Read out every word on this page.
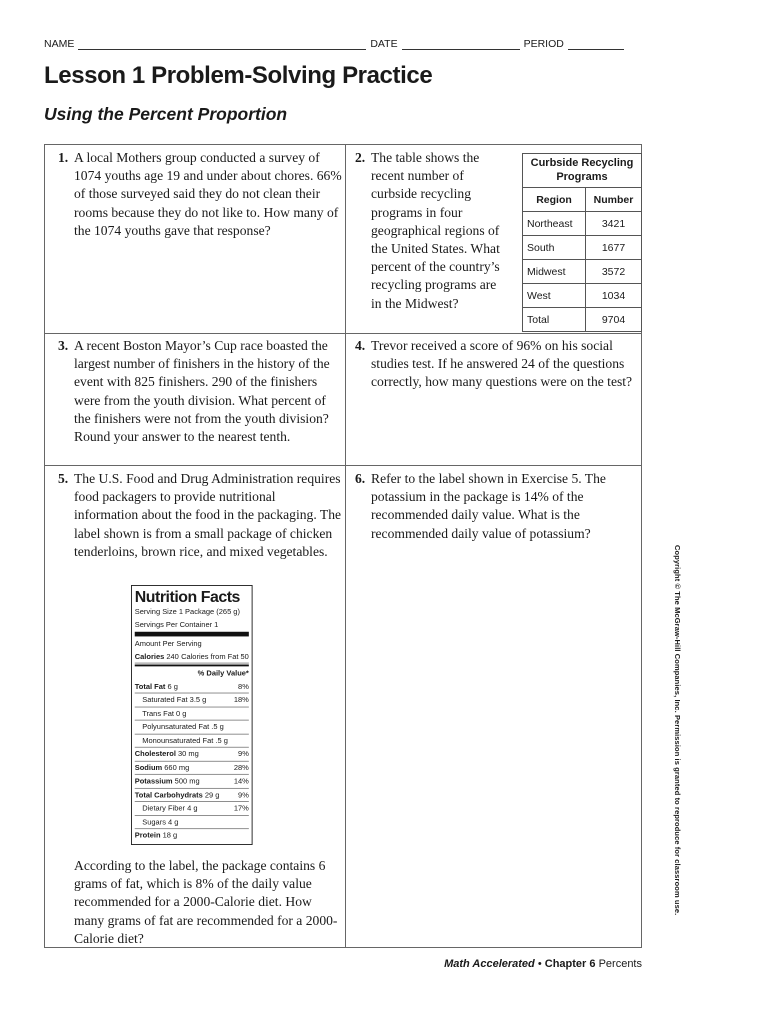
NAME	DATE	PERIOD
Lesson 1 Problem-Solving Practice
Using the Percent Proportion
1. A local Mothers group conducted a survey of 1074 youths age 19 and under about chores. 66% of those surveyed said they do not clean their rooms because they do not like to. How many of the 1074 youths gave that response?
2. The table shows the recent number of curbside recycling programs in four geographical regions of the United States. What percent of the country’s recycling programs are in the Midwest?
Curbside Recycling Programs
Region	Number
Northeast	3421
South	1677
Midwest	3572
West	1034
Total	9704
3. A recent Boston Mayor’s Cup race boasted the largest number of finishers in the history of the event with 825 finishers. 290 of the finishers were from the youth division. What percent of the finishers were not from the youth division? Round your answer to the nearest tenth.
4. Trevor received a score of 96% on his social studies test. If he answered 24 of the questions correctly, how many questions were on the test?
5. The U.S. Food and Drug Administration requires food packagers to provide nutritional information about the food in the packaging. The label shown is from a small package of chicken tenderloins, brown rice, and mixed vegetables.
Nutrition Facts
Serving Size 1 Package (265 g)
Servings Per Container 1
Amount Per Serving
Calories 240 Calories from Fat 50
% Daily Value*
Total Fat 6 g	8%
Saturated Fat 3.5 g	18%
Trans Fat 0 g
Polyunsaturated Fat .5 g
Monounsaturated Fat .5 g
Cholesterol 30 mg	9%
Sodium 660 mg	28%
Potassium 500 mg	14%
Total Carbohydrats 29 g 9%
Dietary Fiber 4 g	17%
Sugars 4 g
Protein 18 g
According to the label, the package contains 6 grams of fat, which is 8% of the daily value recommended for a 2000-Calorie diet. How many grams of fat are recommended for a 2000-Calorie diet?
6. Refer to the label shown in Exercise 5. The potassium in the package is 14% of the recommended daily value. What is the recommended daily value of potassium?
Copyright © The McGraw-Hill Companies, Inc. Permission is granted to reproduce for classroom use.
Math Accelerated • Chapter 6 Percents
